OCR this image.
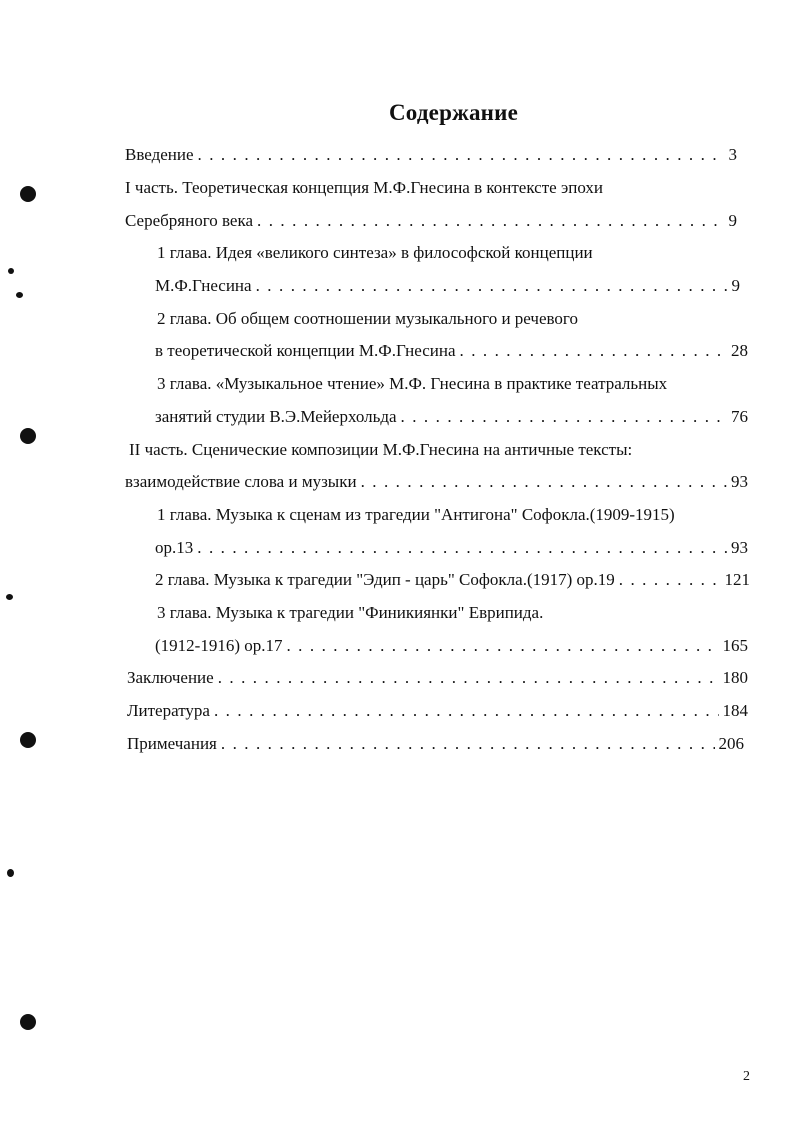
Содержание
Введение . . .	3
I часть. Теоретическая концепция М.Ф.Гнесина в контексте эпохи
Серебряного века . . .	9
1 глава. Идея «великого синтеза» в философской концепции
М.Ф.Гнесина . . .	9
2 глава. Об общем соотношении музыкального и речевого
в теоретической концепции М.Ф.Гнесина . . .	28
3 глава. «Музыкальное чтение» М.Ф. Гнесина в практике театральных
занятий студии В.Э.Мейерхольда . . .	76
II часть. Сценические композиции М.Ф.Гнесина на античные тексты:
взаимодействие слова и музыки . . .	93
1 глава. Музыка к сценам из трагедии "Антигона" Софокла.(1909-1915)
op.13 . . .	93
2 глава. Музыка к трагедии "Эдип - царь" Софокла.(1917) op.19 . . .	121
3 глава. Музыка к трагедии "Финикиянки" Еврипида.
(1912-1916) op.17 . . .	165
Заключение . . .	180
Литература . . .	184
Примечания . . .	206
2
